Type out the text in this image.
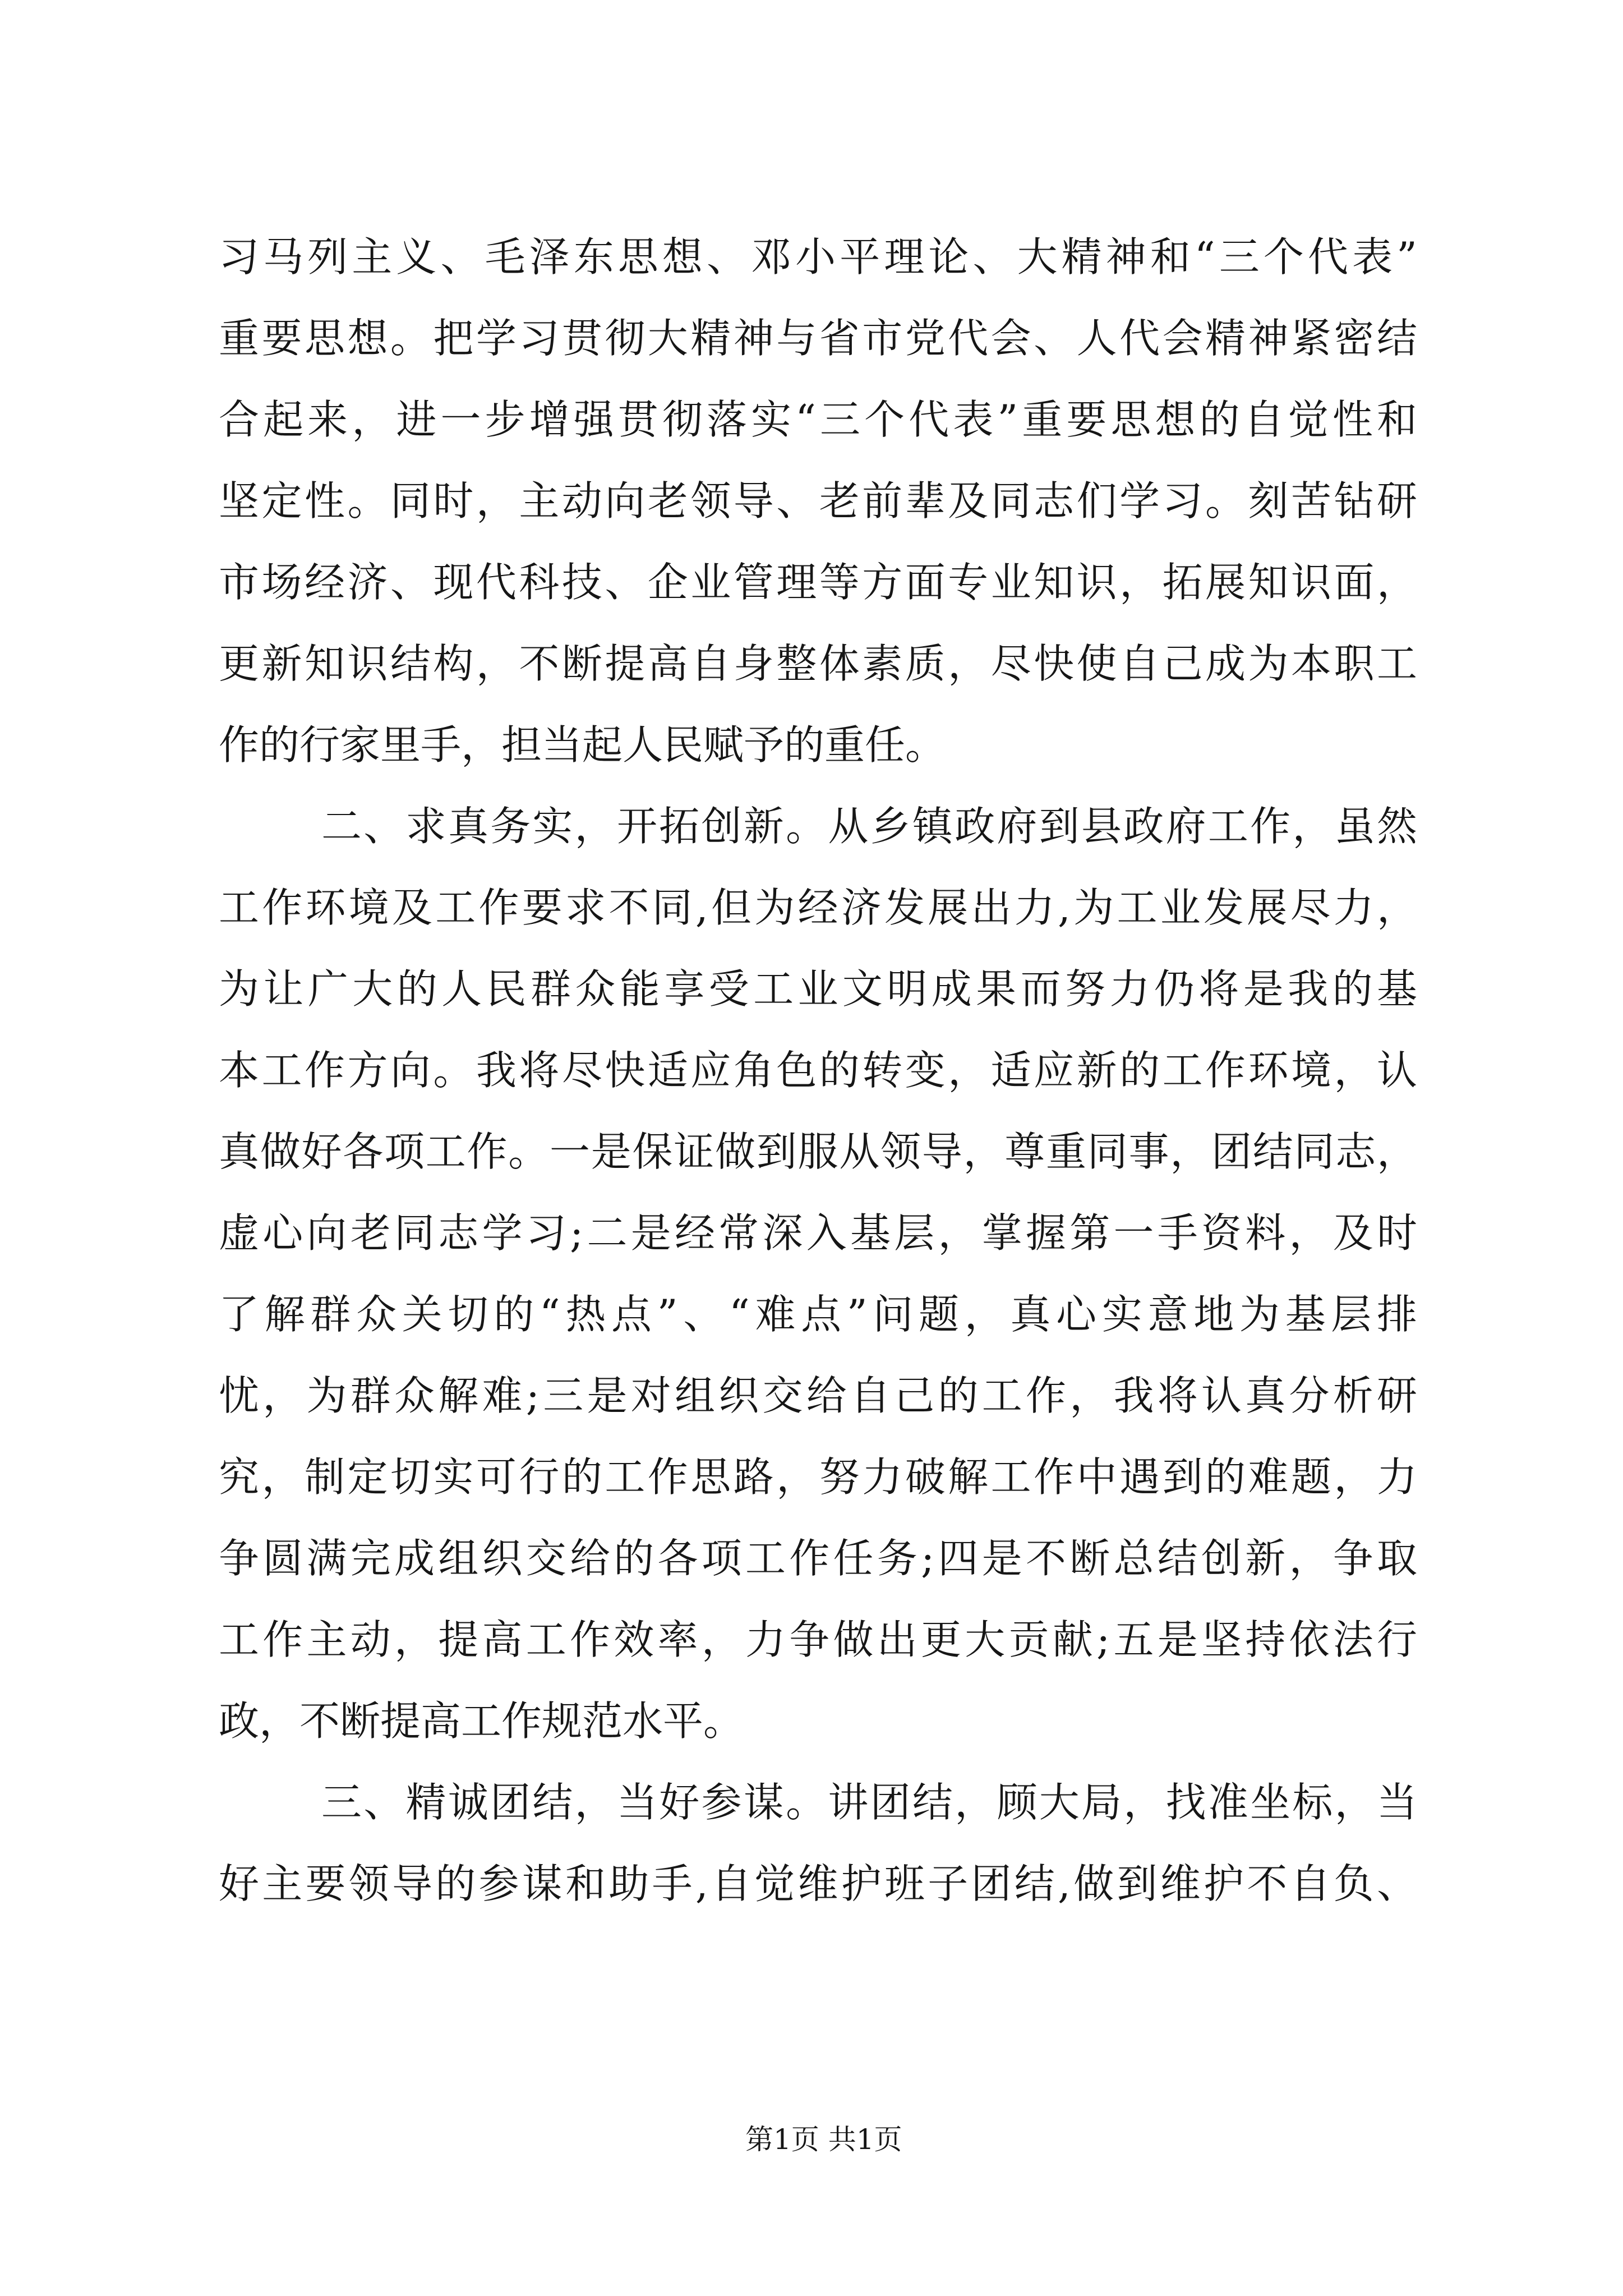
习马列主义、毛泽东思想、邓小平理论、大精神和“三个代表”
重要思想。把学习贯彻大精神与省市党代会、人代会精神紧密结
合起来，进一步增强贯彻落实“三个代表”重要思想的自觉性和
坚定性。同时，主动向老领导、老前辈及同志们学习。刻苦钻研
市场经济、现代科技、企业管理等方面专业知识，拓展知识面，
更新知识结构，不断提高自身整体素质，尽快使自己成为本职工
作的行家里手，担当起人民赋予的重任。
二、求真务实，开拓创新。从乡镇政府到县政府工作，虽然
工作环境及工作要求不同,但为经济发展出力,为工业发展尽力，
为让广大的人民群众能享受工业文明成果而努力仍将是我的基
本工作方向。我将尽快适应角色的转变，适应新的工作环境，认
真做好各项工作。一是保证做到服从领导，尊重同事，团结同志，
虚心向老同志学习;二是经常深入基层，掌握第一手资料，及时
了解群众关切的“热点”、“难点”问题，真心实意地为基层排
忧，为群众解难;三是对组织交给自己的工作，我将认真分析研
究，制定切实可行的工作思路，努力破解工作中遇到的难题，力
争圆满完成组织交给的各项工作任务;四是不断总结创新，争取
工作主动，提高工作效率，力争做出更大贡献;五是坚持依法行
政，不断提高工作规范水平。
三、精诚团结，当好参谋。讲团结，顾大局，找准坐标，当
好主要领导的参谋和助手,自觉维护班子团结,做到维护不自负、
第1页 共1页
